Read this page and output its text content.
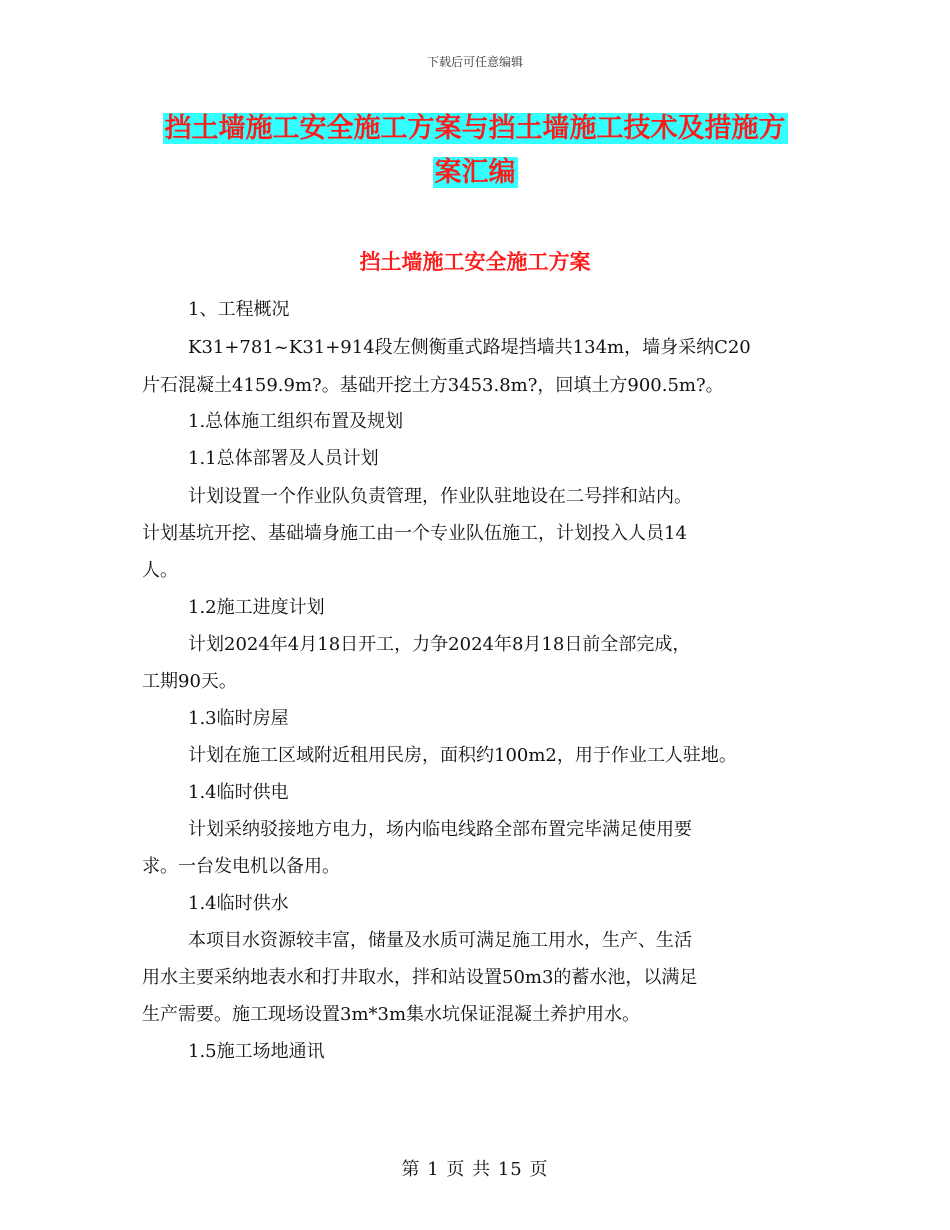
下载后可任意编辑
挡土墙施工安全施工方案与挡土墙施工技术及措施方
案汇编
挡土墙施工安全施工方案
1、工程概况
K31+781~K31+914段左侧衡重式路堤挡墙共134m，墙身采纳C20
片石混凝土4159.9m?。基础开挖土方3453.8m?，回填土方900.5m?。
1.总体施工组织布置及规划
1.1总体部署及人员计划
计划设置一个作业队负责管理，作业队驻地设在二号拌和站内。
计划基坑开挖、基础墙身施工由一个专业队伍施工，计划投入人员14
人。
1.2施工进度计划
计划2024年4月18日开工，力争2024年8月18日前全部完成，
工期90天。
1.3临时房屋
计划在施工区域附近租用民房，面积约100m2，用于作业工人驻地。
1.4临时供电
计划采纳驳接地方电力，场内临电线路全部布置完毕满足使用要
求。一台发电机以备用。
1.4临时供水
本项目水资源较丰富，储量及水质可满足施工用水，生产、生活
用水主要采纳地表水和打井取水，拌和站设置50m3的蓄水池，以满足
生产需要。施工现场设置3m*3m集水坑保证混凝土养护用水。
1.5施工场地通讯
第 1 页 共 15 页
